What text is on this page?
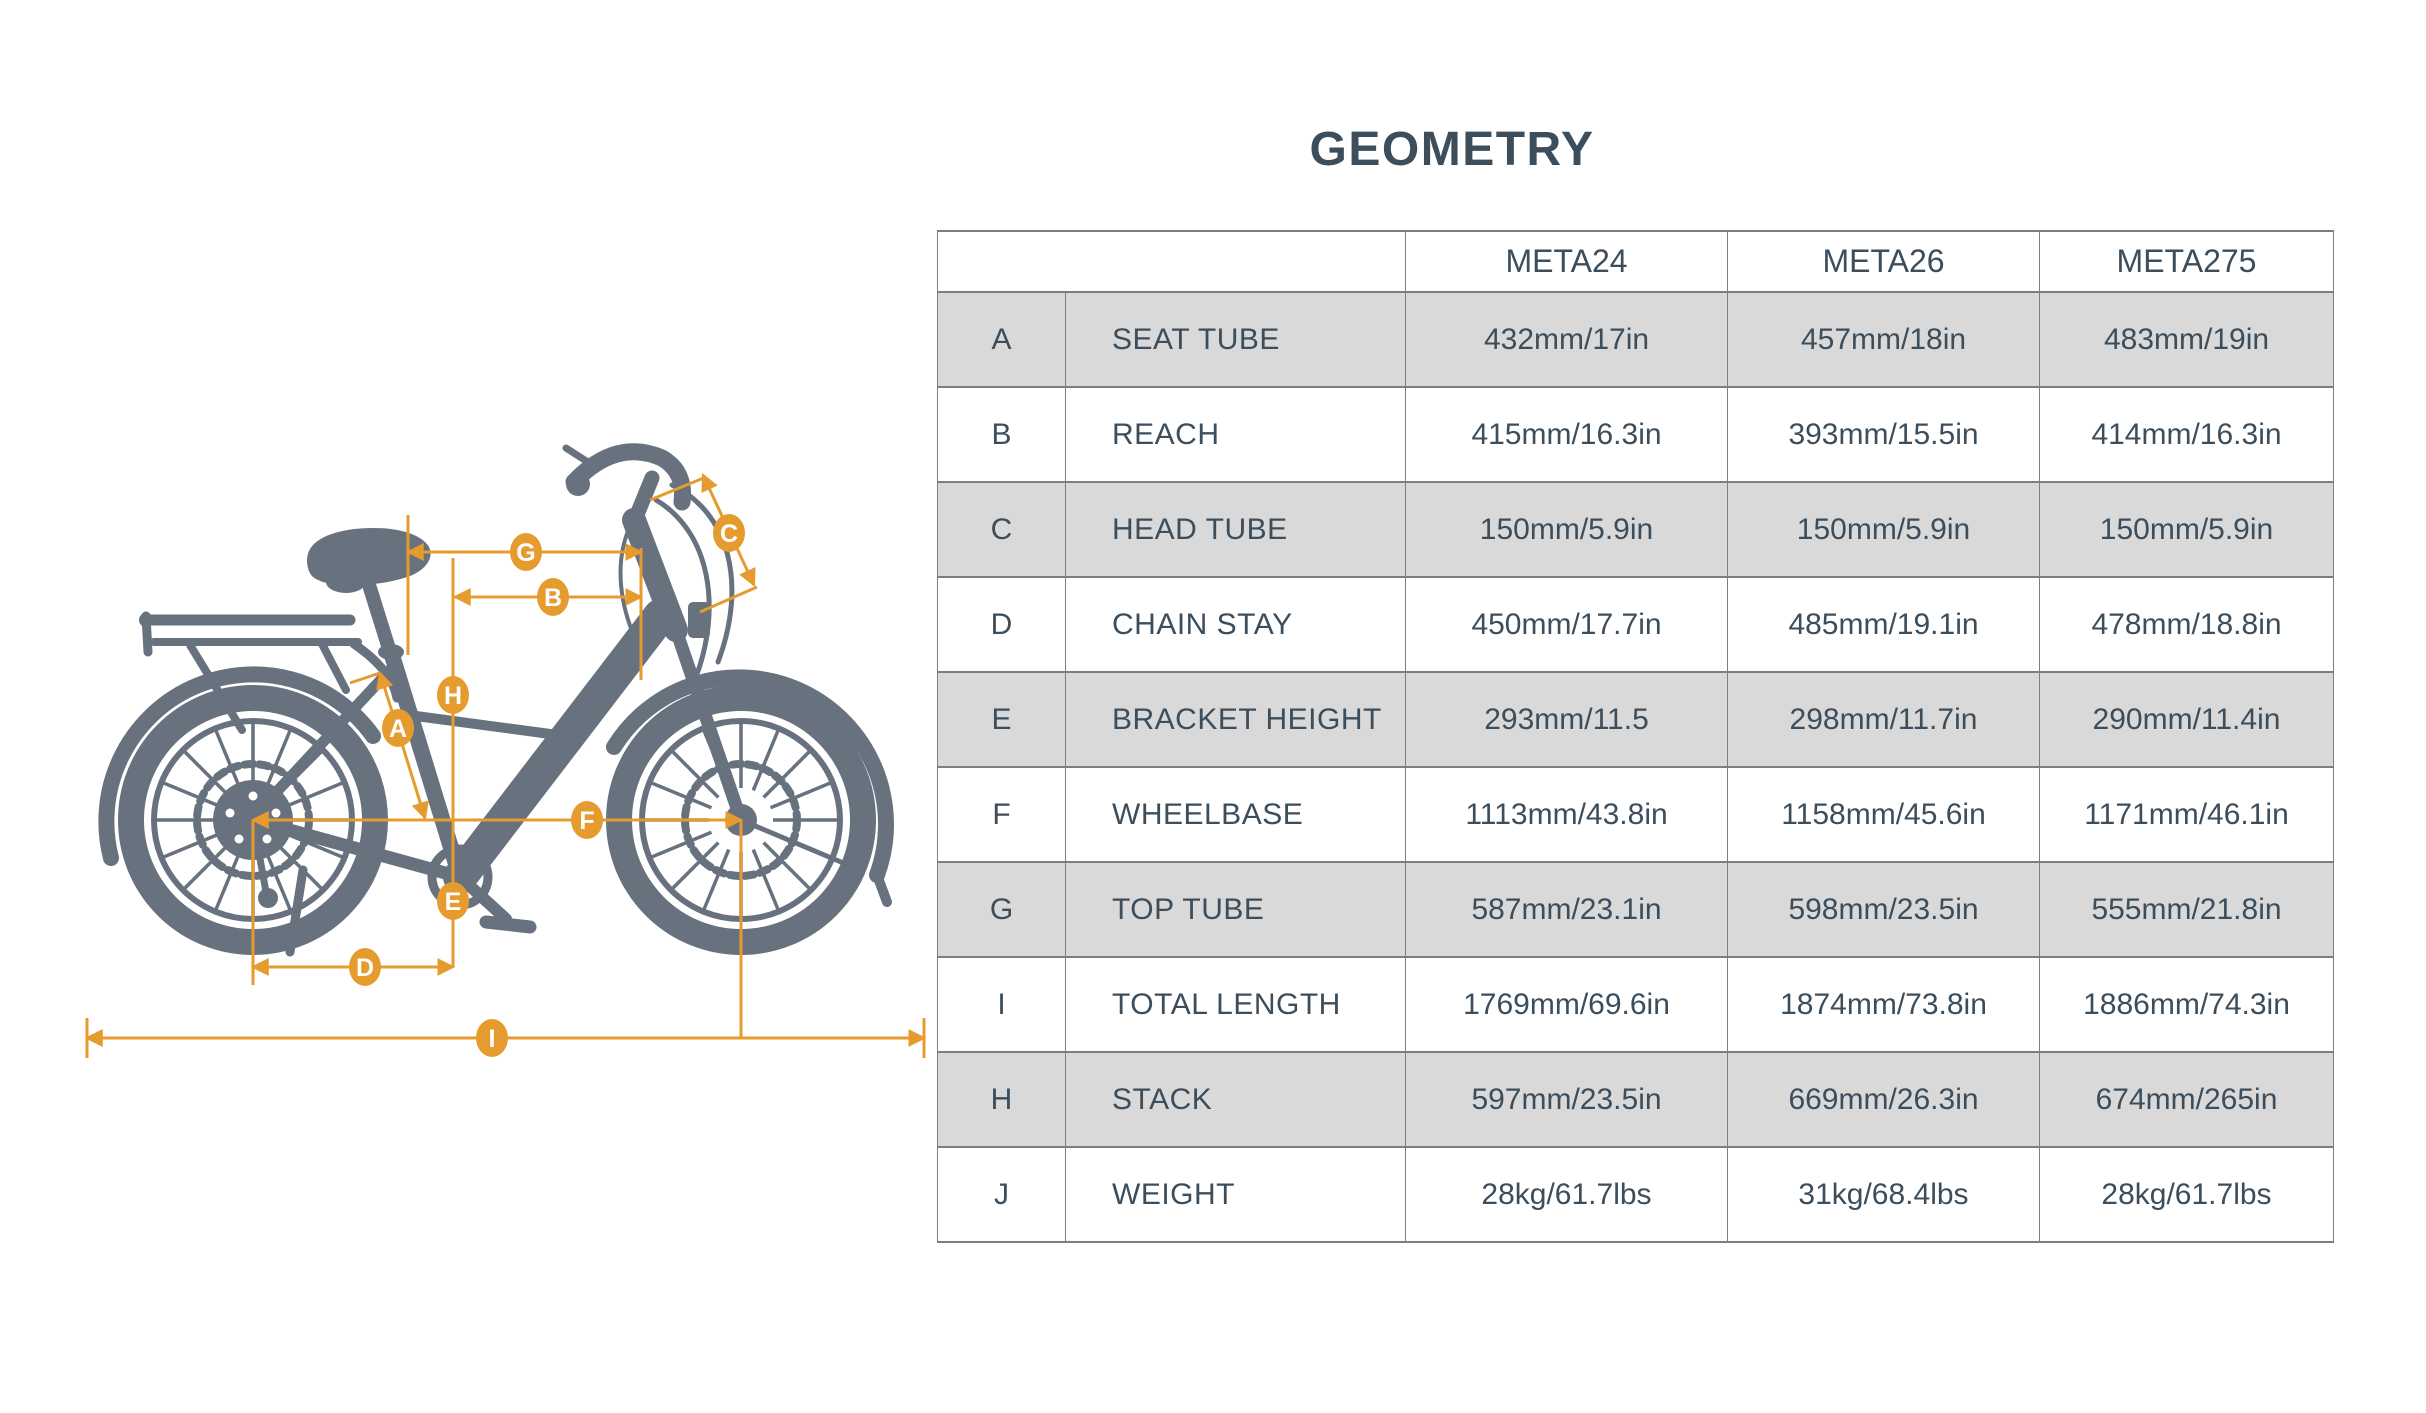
GEOMETRY
A
B
C
D
E
F
G
H
I
		META24	META26	META275
A	SEAT TUBE	432mm/17in	457mm/18in	483mm/19in
B	REACH	415mm/16.3in	393mm/15.5in	414mm/16.3in
C	HEAD TUBE	150mm/5.9in	150mm/5.9in	150mm/5.9in
D	CHAIN STAY	450mm/17.7in	485mm/19.1in	478mm/18.8in
E	BRACKET HEIGHT	293mm/11.5	298mm/11.7in	290mm/11.4in
F	WHEELBASE	1113mm/43.8in	1158mm/45.6in	1171mm/46.1in
G	TOP TUBE	587mm/23.1in	598mm/23.5in	555mm/21.8in
I	TOTAL LENGTH	1769mm/69.6in	1874mm/73.8in	1886mm/74.3in
H	STACK	597mm/23.5in	669mm/26.3in	674mm/265in
J	WEIGHT	28kg/61.7lbs	31kg/68.4lbs	28kg/61.7lbs
